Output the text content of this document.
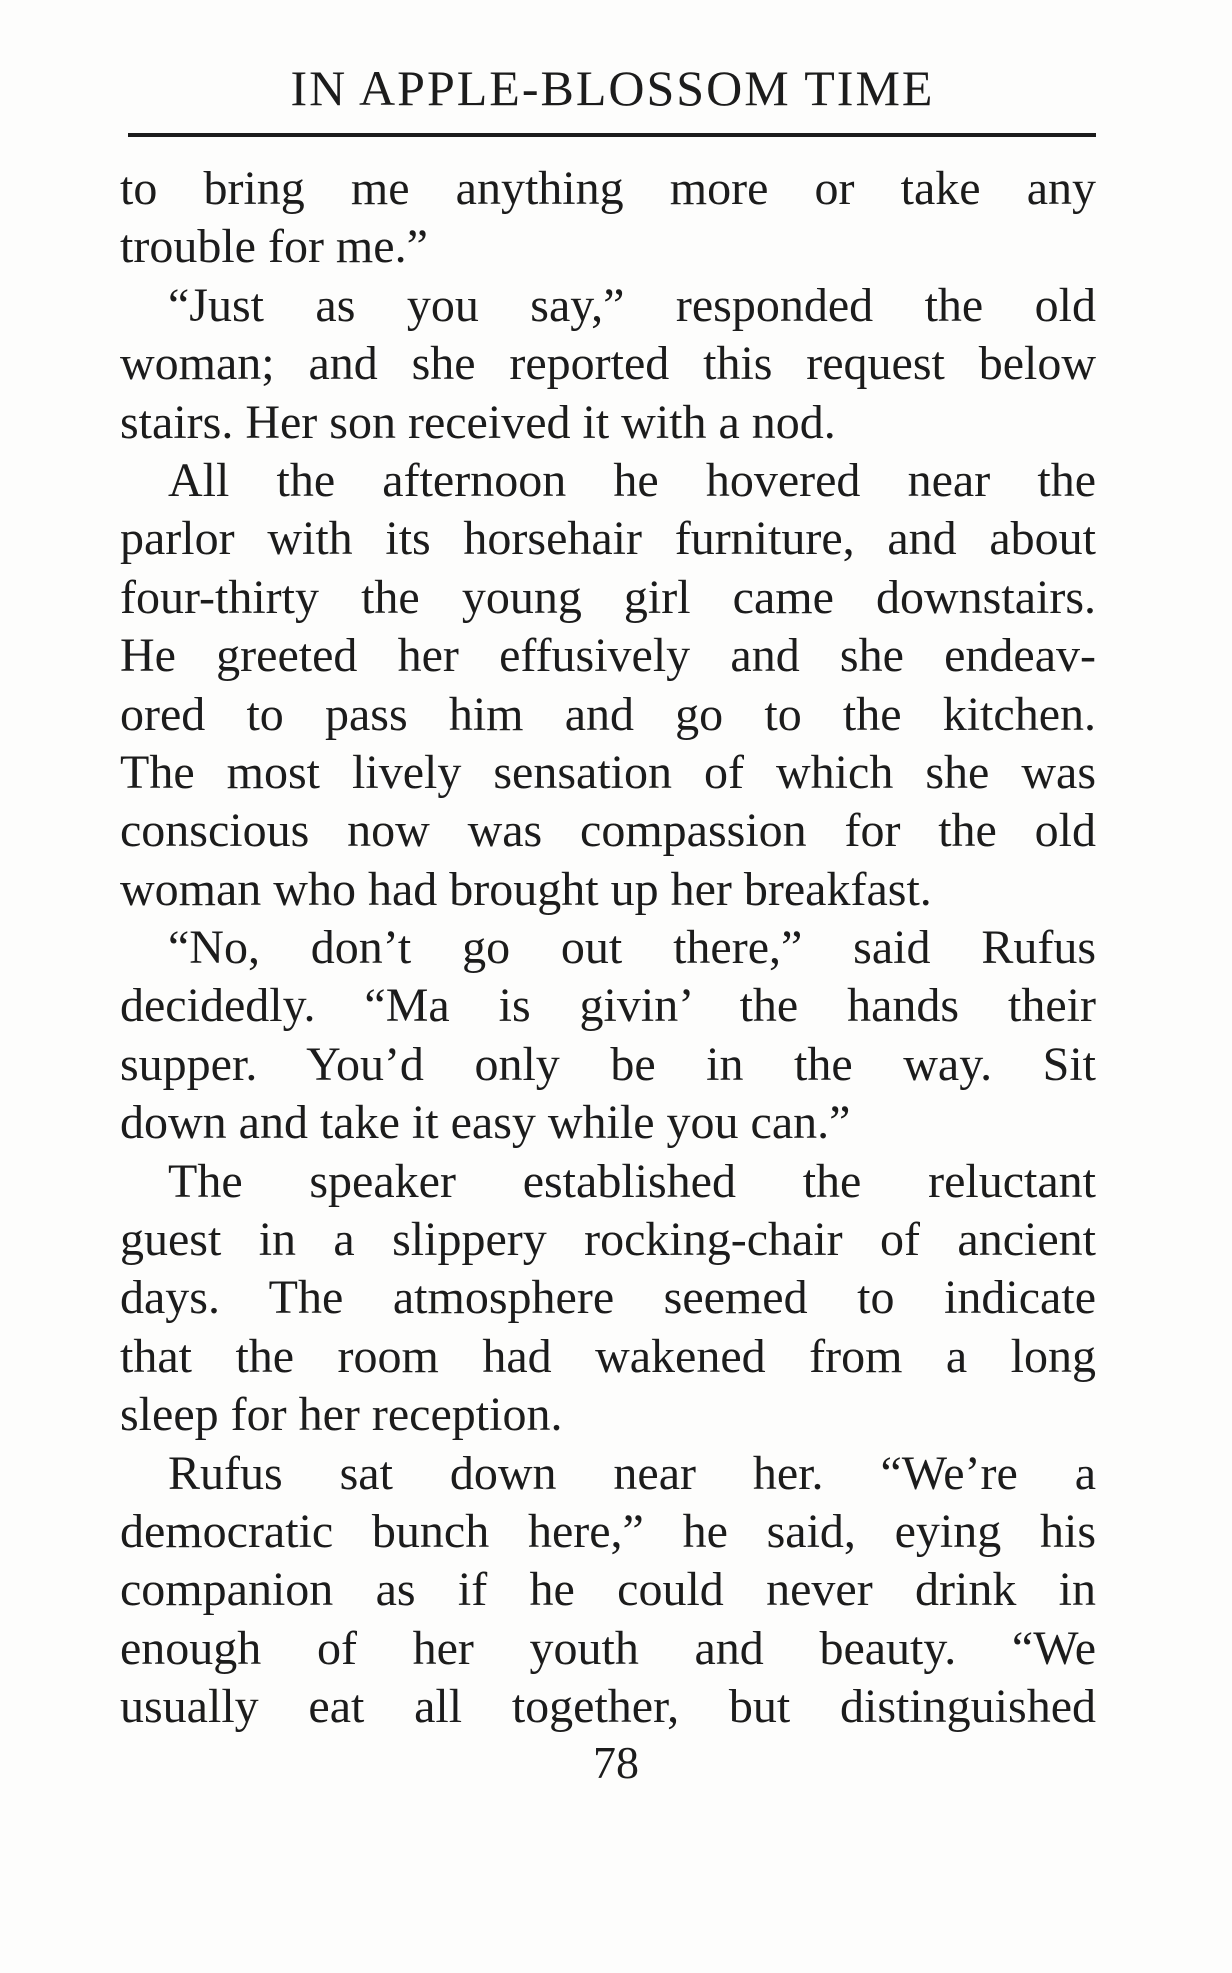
IN APPLE-BLOSSOM TIME
to bring me anything more or take any
trouble for me.”
“Just as you say,” responded the old
woman; and she reported this request below
stairs. Her son received it with a nod.
All the afternoon he hovered near the
parlor with its horsehair furniture, and about
four-thirty the young girl came downstairs.
He greeted her effusively and she endeav-
ored to pass him and go to the kitchen.
The most lively sensation of which she was
conscious now was compassion for the old
woman who had brought up her breakfast.
“No, don’t go out there,” said Rufus
decidedly. “Ma is givin’ the hands their
supper. You’d only be in the way. Sit
down and take it easy while you can.”
The speaker established the reluctant
guest in a slippery rocking-chair of ancient
days. The atmosphere seemed to indicate
that the room had wakened from a long
sleep for her reception.
Rufus sat down near her. “We’re a
democratic bunch here,” he said, eying his
companion as if he could never drink in
enough of her youth and beauty. “We
usually eat all together, but distinguished
78
